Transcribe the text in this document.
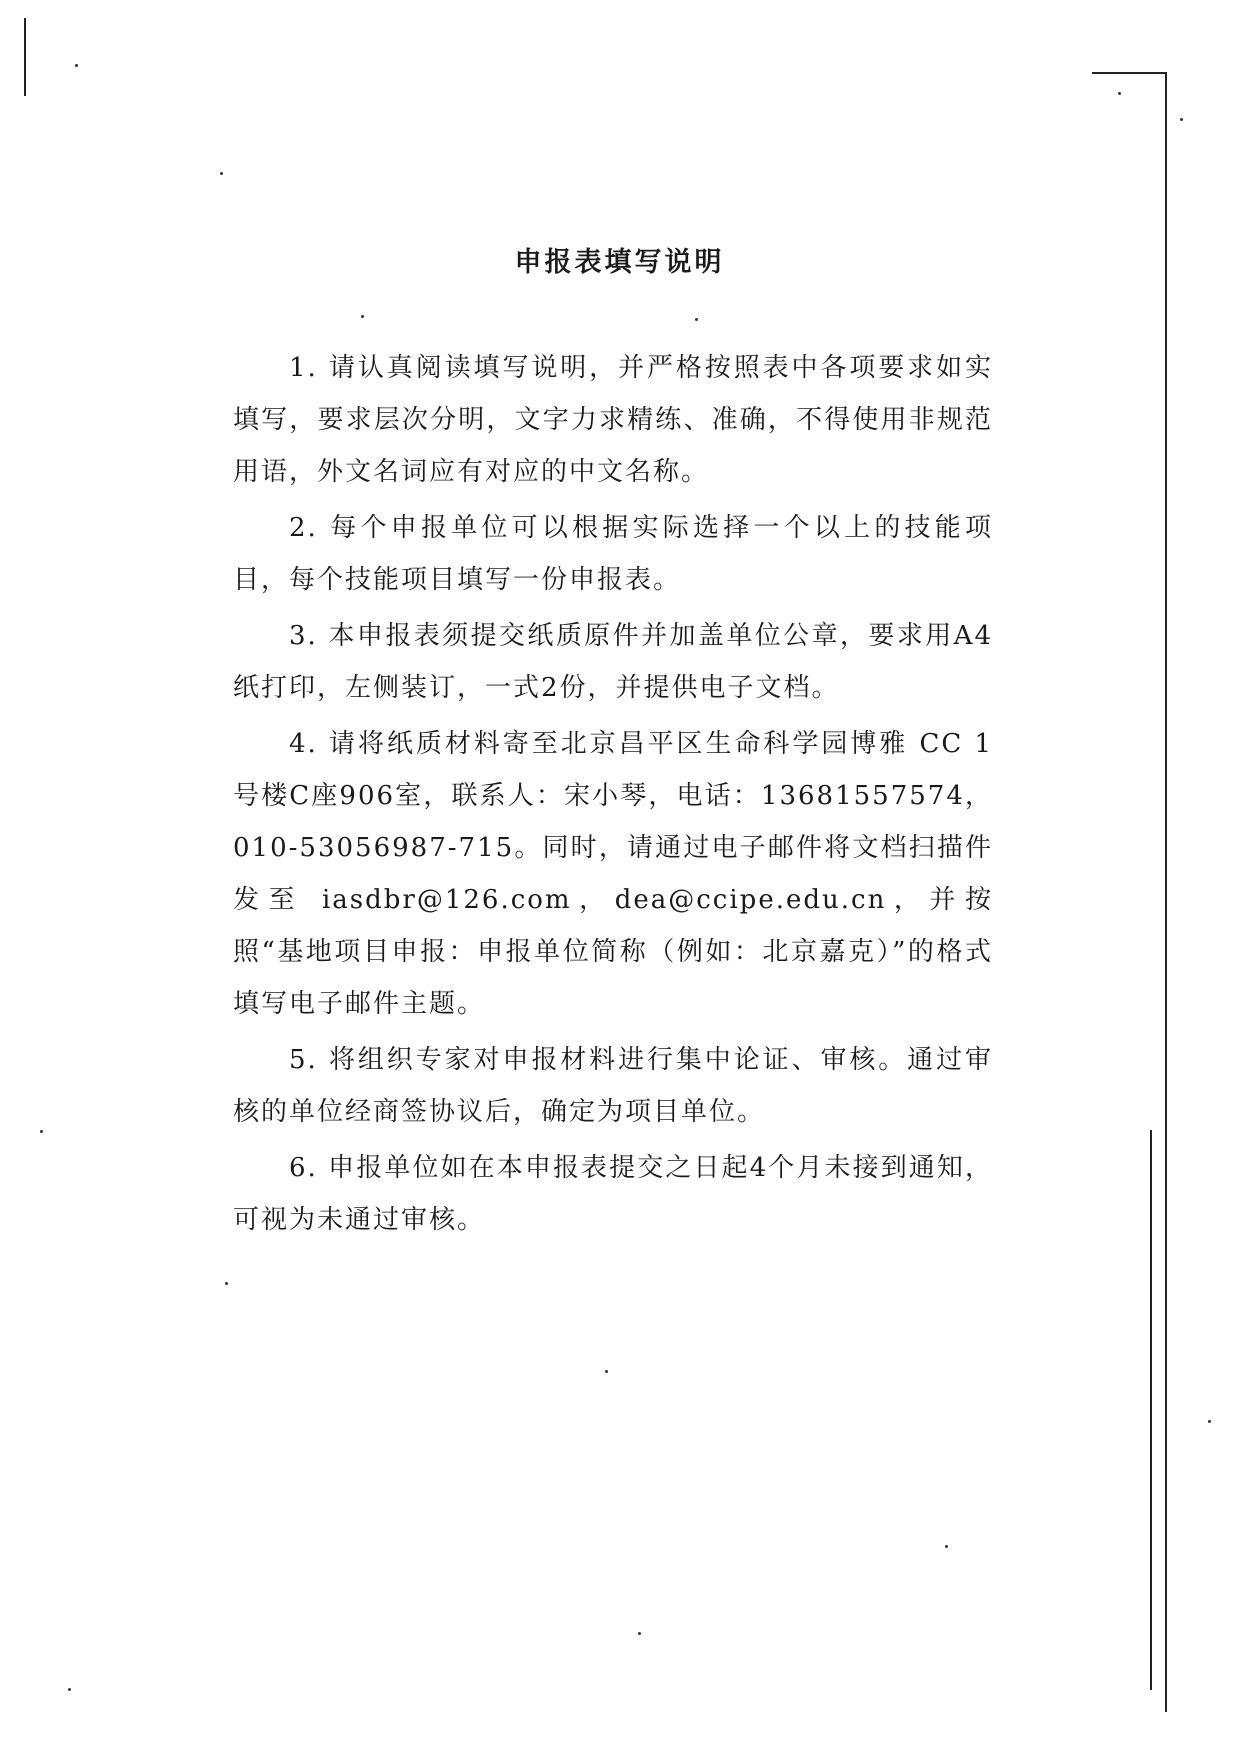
申报表填写说明
1. 请认真阅读填写说明，并严格按照表中各项要求如实填写，要求层次分明，文字力求精练、准确，不得使用非规范用语，外文名词应有对应的中文名称。
2. 每个申报单位可以根据实际选择一个以上的技能项目，每个技能项目填写一份申报表。
3. 本申报表须提交纸质原件并加盖单位公章，要求用A4纸打印，左侧装订，一式2份，并提供电子文档。
4. 请将纸质材料寄至北京昌平区生命科学园博雅 CC 1号楼C座906室，联系人：宋小琴，电话：13681557574，010-53056987-715。同时，请通过电子邮件将文档扫描件发至 iasdbr@126.com，dea@ccipe.edu.cn，并按照“基地项目申报：申报单位简称（例如：北京嘉克）”的格式填写电子邮件主题。
5. 将组织专家对申报材料进行集中论证、审核。通过审核的单位经商签协议后，确定为项目单位。
6. 申报单位如在本申报表提交之日起4个月未接到通知，可视为未通过审核。
